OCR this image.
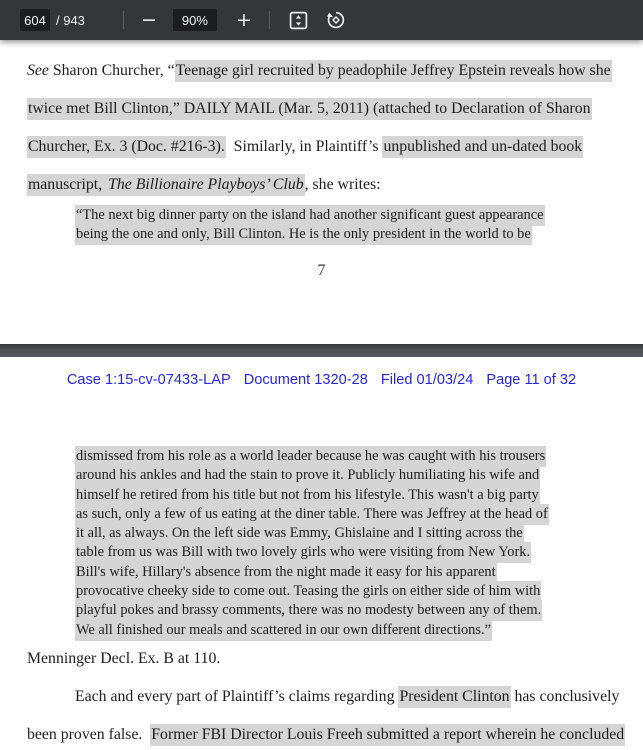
604 / 943	−	90%	+
See Sharon Churcher, “Teenage girl recruited by peadophile Jeffrey Epstein reveals how she
twice met Bill Clinton,” DAILY MAIL (Mar. 5, 2011) (attached to Declaration of Sharon
Churcher, Ex. 3 (Doc. #216-3).  Similarly, in Plaintiff’s unpublished and un-dated book
manuscript, The Billionaire Playboys’ Club, she writes:
“The next big dinner party on the island had another significant guest appearance
being the one and only, Bill Clinton. He is the only president in the world to be
7
Case 1:15-cv-07433-LAP Document 1320-28 Filed 01/03/24 Page 11 of 32
dismissed from his role as a world leader because he was caught with his trousers
around his ankles and had the stain to prove it. Publicly humiliating his wife and
himself he retired from his title but not from his lifestyle. This wasn't a big party
as such, only a few of us eating at the diner table. There was Jeffrey at the head of
it all, as always. On the left side was Emmy, Ghislaine and I sitting across the
table from us was Bill with two lovely girls who were visiting from New York.
Bill's wife, Hillary's absence from the night made it easy for his apparent
provocative cheeky side to come out. Teasing the girls on either side of him with
playful pokes and brassy comments, there was no modesty between any of them.
We all finished our meals and scattered in our own different directions.”
Menninger Decl. Ex. B at 110.
Each and every part of Plaintiff’s claims regarding President Clinton has conclusively
been proven false.  Former FBI Director Louis Freeh submitted a report wherein he concluded
